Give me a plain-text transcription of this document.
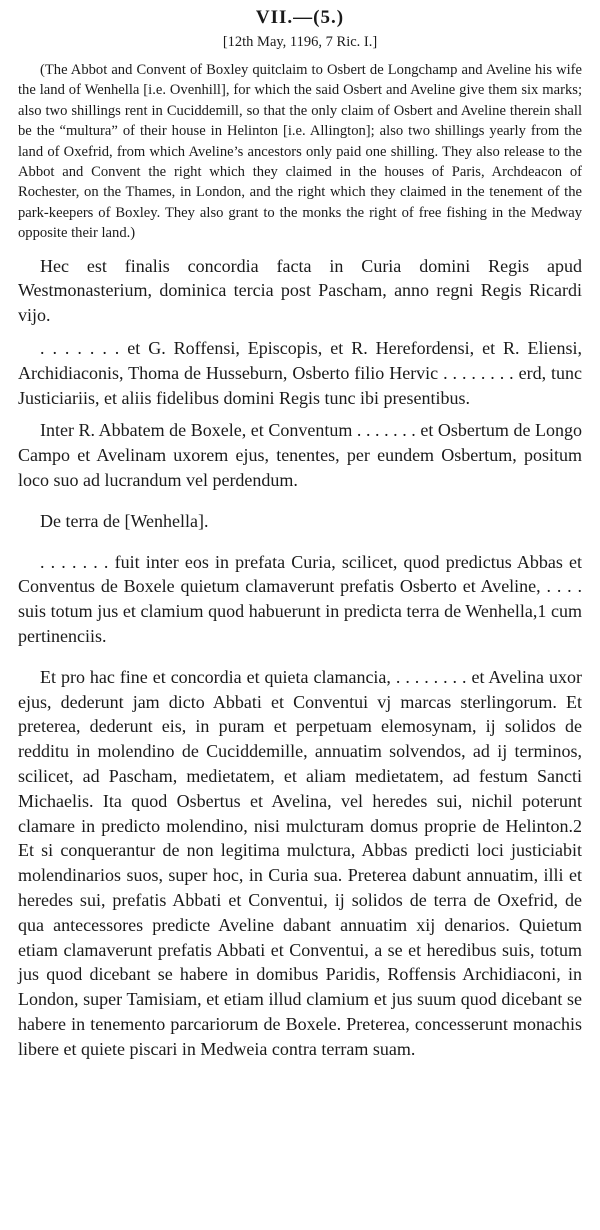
VII.—(5.)
[12th May, 1196, 7 Ric. I.]

(The Abbot and Convent of Boxley quitclaim to Osbert de Longchamp and Aveline his wife the land of Wenhella [i.e. Ovenhill], for which the said Osbert and Aveline give them six marks; also two shillings rent in Cuciddemill, so that the only claim of Osbert and Aveline therein shall be the “multura” of their house in Helinton [i.e. Allington]; also two shillings yearly from the land of Oxefrid, from which Aveline’s ancestors only paid one shilling. They also release to the Abbot and Convent the right which they claimed in the houses of Paris, Archdeacon of Rochester, on the Thames, in London, and the right which they claimed in the tenement of the park-keepers of Boxley. They also grant to the monks the right of free fishing in the Medway opposite their land.)

Hec est finalis concordia facta in Curia domini Regis apud Westmonasterium, dominica tercia post Pascham, anno regni Regis Ricardi vijo.

. . . . . . . et G. Roffensi, Episcopis, et R. Herefordensi, et R. Eliensi, Archidiaconis, Thoma de Husseburn, Osberto filio Hervic . . . . . . . . erd, tunc Justiciariis, et aliis fidelibus domini Regis tunc ibi presentibus.

Inter R. Abbatem de Boxele, et Conventum . . . . . . . et Osbertum de Longo Campo et Avelinam uxorem ejus, tenentes, per eundem Osbertum, positum loco suo ad lucrandum vel perdendum.

De terra de [Wenhella].

. . . . . . . fuit inter eos in prefata Curia, scilicet, quod predictus Abbas et Conventus de Boxele quietum clamaverunt prefatis Osberto et Aveline, . . . . suis totum jus et clamium quod habuerunt in predicta terra de Wenhella,1 cum pertinenciis.

Et pro hac fine et concordia et quieta clamancia, . . . . . . . . et Avelina uxor ejus, dederunt jam dicto Abbati et Conventui vj marcas sterlingorum. Et preterea, dederunt eis, in puram et perpetuam elemosynam, ij solidos de redditu in molendino de Cuciddemille, annuatim solvendos, ad ij terminos, scilicet, ad Pascham, medietatem, et aliam medietatem, ad festum Sancti Michaelis. Ita quod Osbertus et Avelina, vel heredes sui, nichil poterunt clamare in predicto molendino, nisi mulcturam domus proprie de Helinton.2 Et si conquerantur de non legitima mulctura, Abbas predicti loci justiciabit molendinarios suos, super hoc, in Curia sua. Preterea dabunt annuatim, illi et heredes sui, prefatis Abbati et Conventui, ij solidos de terra de Oxefrid, de qua antecessores predicte Aveline dabant annuatim xij denarios. Quietum etiam clamaverunt prefatis Abbati et Conventui, a se et heredibus suis, totum jus quod dicebant se habere in domibus Paridis, Roffensis Archidiaconi, in London, super Tamisiam, et etiam illud clamium et jus suum quod dicebant se habere in tenemento parcariorum de Boxele. Preterea, concesserunt monachis libere et quiete piscari in Medweia contra terram suam.
